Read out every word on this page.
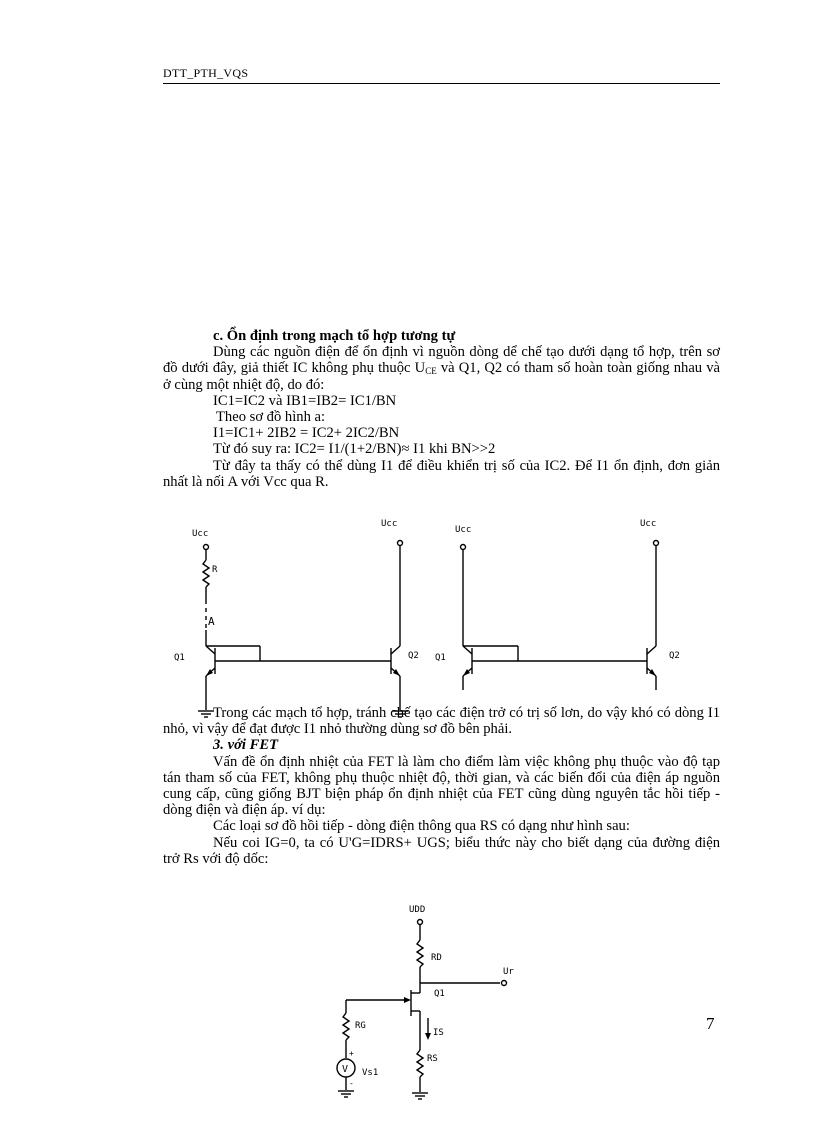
DTT_PTH_VQS

c. Ổn định trong mạch tổ hợp tương tự

Dùng các nguồn điện để ổn định vì nguồn dòng dể chế tạo dưới dạng tổ hợp, trên sơ đồ dưới đây, giả thiết IC không phụ thuộc $U_{CE}$ và Q1, Q2 có tham số hoàn toàn giống nhau và ở cùng một nhiệt độ, do đó:

IC1=IC2 và IB1=IB2= IC1/BN

Theo sơ đồ hình a:

I1=IC1+ 2IB2 = IC2+ 2IC2/BN

Từ đó suy ra: IC2= I1/(1+2/BN)≈ I1 khi BN>>2

Từ đây ta thấy có thể dùng I1 để điều khiển trị số của IC2. Để I1 ổn định, đơn giản nhất là nối A với Vcc qua R.

Ucc
Ucc
R
A
Q1	Q2
Ucc
Ucc
Q1	Q2

Trong các mạch tổ hợp, tránh chế tạo các điện trở có trị số lơn, do vậy khó có dòng I1 nhỏ, vì vậy để đạt được I1 nhỏ thường dùng sơ đồ bên phải.

3. với FET

Vấn đề ổn định nhiệt của FET là làm cho điểm làm việc không phụ thuộc vào độ tạp tán tham số của FET, không phụ thuộc nhiệt độ, thời gian, và các biến đổi của điện áp nguồn cung cấp, cũng giống BJT biện pháp ổn định nhiệt của FET cũng dùng nguyên tắc hồi tiếp - dòng điện và điện áp. ví dụ:

Các loại sơ đồ hồi tiếp - dòng điện thông qua RS có dạng như hình sau:

Nếu coi IG=0, ta có U'G=IDRS+ UGS; biểu thức này cho biết dạng của đường điện trở Rs với độ dốc:

UDD
RD
Ur
Q1
RG
IS
RS
Vs1
V
+
-
7
